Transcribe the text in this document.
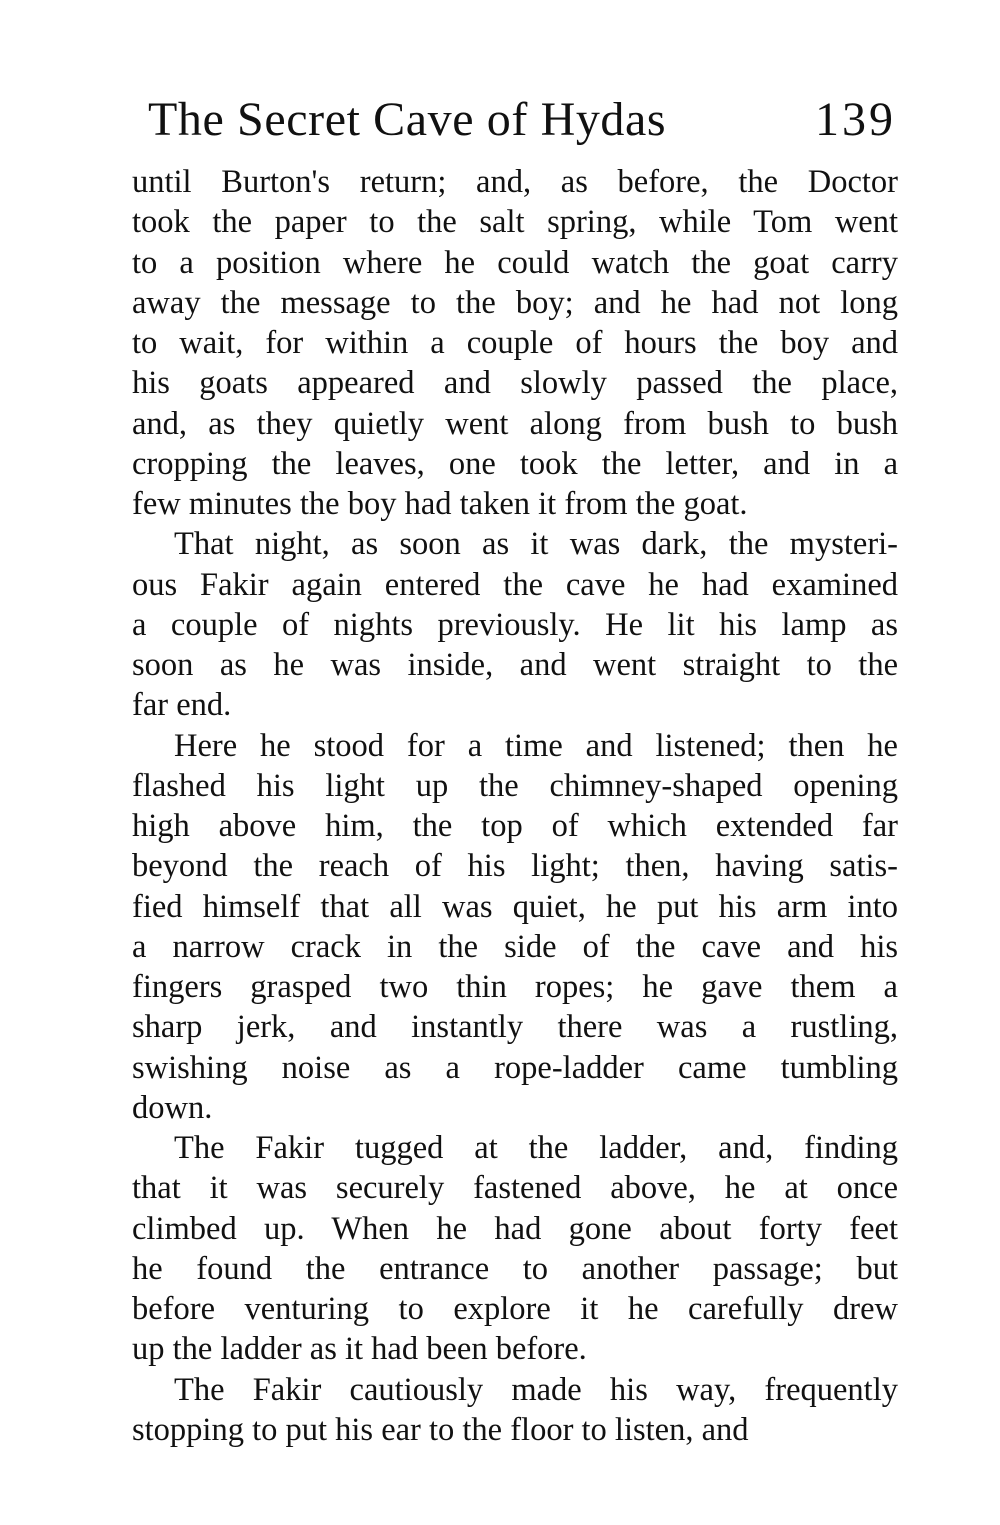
The Secret Cave of Hydas	139
until Burton's return; and, as before, the Doctor
took the paper to the salt spring, while Tom went
to a position where he could watch the goat carry
away the message to the boy; and he had not long
to wait, for within a couple of hours the boy and
his goats appeared and slowly passed the place,
and, as they quietly went along from bush to bush
cropping the leaves, one took the letter, and in a
few minutes the boy had taken it from the goat.
That night, as soon as it was dark, the mysteri-
ous Fakir again entered the cave he had examined
a couple of nights previously. He lit his lamp as
soon as he was inside, and went straight to the
far end.
Here he stood for a time and listened; then he
flashed his light up the chimney-shaped opening
high above him, the top of which extended far
beyond the reach of his light; then, having satis-
fied himself that all was quiet, he put his arm into
a narrow crack in the side of the cave and his
fingers grasped two thin ropes; he gave them a
sharp jerk, and instantly there was a rustling,
swishing noise as a rope-ladder came tumbling
down.
The Fakir tugged at the ladder, and, finding
that it was securely fastened above, he at once
climbed up. When he had gone about forty feet
he found the entrance to another passage; but
before venturing to explore it he carefully drew
up the ladder as it had been before.
The Fakir cautiously made his way, frequently
stopping to put his ear to the floor to listen, and
